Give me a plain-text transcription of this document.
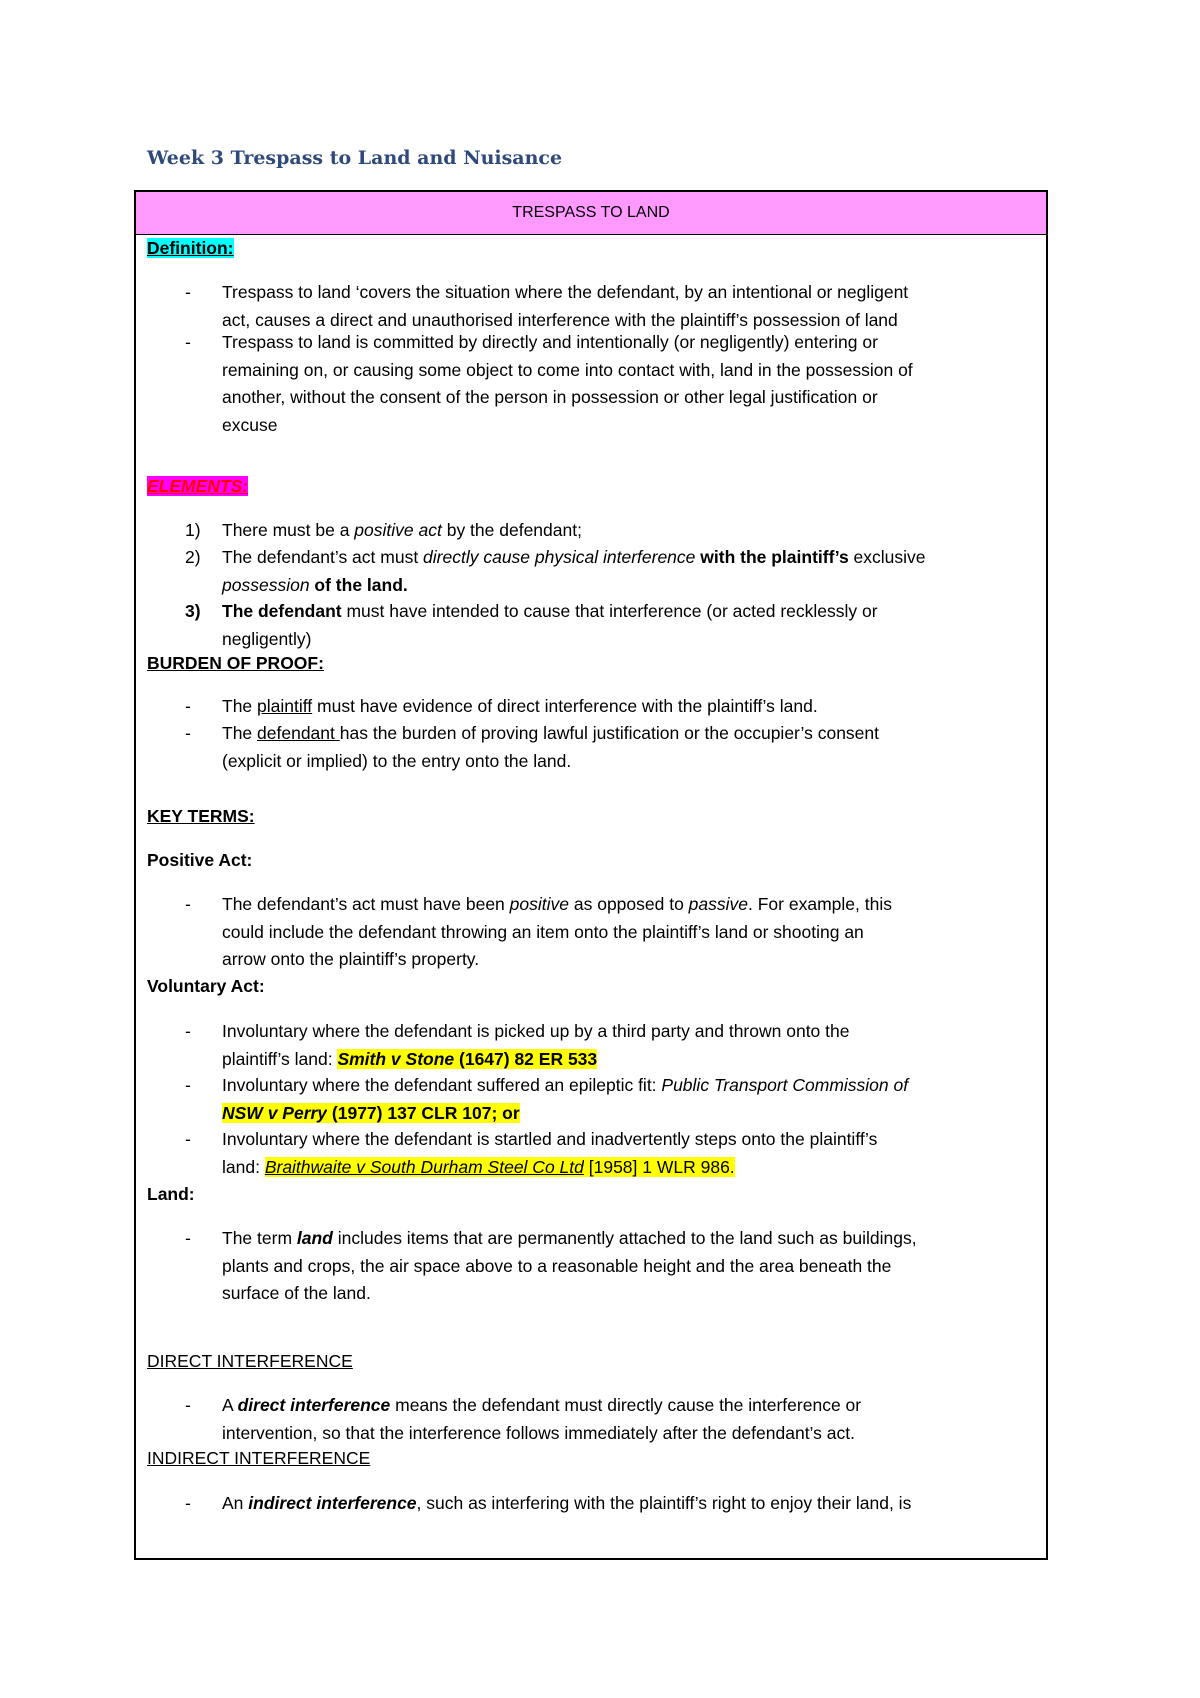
Week 3 Trespass to Land and Nuisance
TRESPASS TO LAND

Definition:

- Trespass to land ‘covers the situation where the defendant, by an intentional or negligent
act, causes a direct and unauthorised interference with the plaintiff’s possession of land
- Trespass to land is committed by directly and intentionally (or negligently) entering or
remaining on, or causing some object to come into contact with, land in the possession of
another, without the consent of the person in possession or other legal justification or
excuse

ELEMENTS:

1) There must be a positive act by the defendant;
2) The defendant’s act must directly cause physical interference with the plaintiff’s exclusive
possession of the land.
3) The defendant must have intended to cause that interference (or acted recklessly or
negligently)

BURDEN OF PROOF:

- The plaintiff must have evidence of direct interference with the plaintiff’s land.
- The defendant has the burden of proving lawful justification or the occupier’s consent
(explicit or implied) to the entry onto the land.

KEY TERMS:

Positive Act:

- The defendant’s act must have been positive as opposed to passive. For example, this
could include the defendant throwing an item onto the plaintiff’s land or shooting an
arrow onto the plaintiff’s property.

Voluntary Act:

- Involuntary where the defendant is picked up by a third party and thrown onto the
plaintiff’s land: Smith v Stone (1647) 82 ER 533
- Involuntary where the defendant suffered an epileptic fit: Public Transport Commission of
NSW v Perry (1977) 137 CLR 107; or
- Involuntary where the defendant is startled and inadvertently steps onto the plaintiff’s
land: Braithwaite v South Durham Steel Co Ltd [1958] 1 WLR 986.

Land:

- The term land includes items that are permanently attached to the land such as buildings,
plants and crops, the air space above to a reasonable height and the area beneath the
surface of the land.

DIRECT INTERFERENCE

- A direct interference means the defendant must directly cause the interference or
intervention, so that the interference follows immediately after the defendant’s act.

INDIRECT INTERFERENCE

- An indirect interference, such as interfering with the plaintiff’s right to enjoy their land, is
